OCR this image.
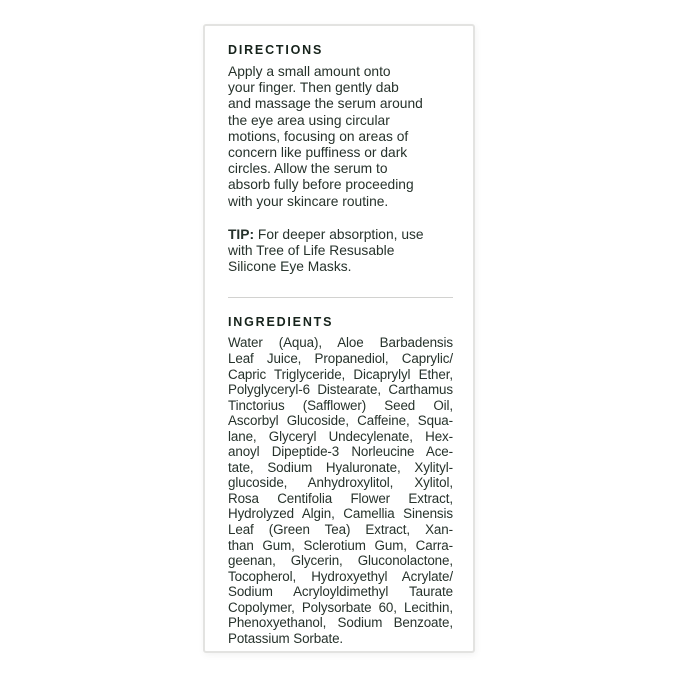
DIRECTIONS
Apply a small amount onto
your finger. Then gently dab
and massage the serum around
the eye area using circular
motions, focusing on areas of
concern like puffiness or dark
circles. Allow the serum to
absorb fully before proceeding
with your skincare routine.
TIP: For deeper absorption, use
with Tree of Life Resusable
Silicone Eye Masks.
INGREDIENTS
Water (Aqua), Aloe Barbadensis
Leaf Juice, Propanediol, Caprylic/
Capric Triglyceride, Dicaprylyl Ether,
Polyglyceryl-6 Distearate, Carthamus
Tinctorius (Safflower) Seed Oil,
Ascorbyl Glucoside, Caffeine, Squa-
lane, Glyceryl Undecylenate, Hex-
anoyl Dipeptide-3 Norleucine Ace-
tate, Sodium Hyaluronate, Xylityl-
glucoside, Anhydroxylitol, Xylitol,
Rosa Centifolia Flower Extract,
Hydrolyzed Algin, Camellia Sinensis
Leaf (Green Tea) Extract, Xan-
than Gum, Sclerotium Gum, Carra-
geenan, Glycerin, Gluconolactone,
Tocopherol, Hydroxyethyl Acrylate/
Sodium Acryloyldimethyl Taurate
Copolymer, Polysorbate 60, Lecithin,
Phenoxyethanol, Sodium Benzoate,
Potassium Sorbate.
